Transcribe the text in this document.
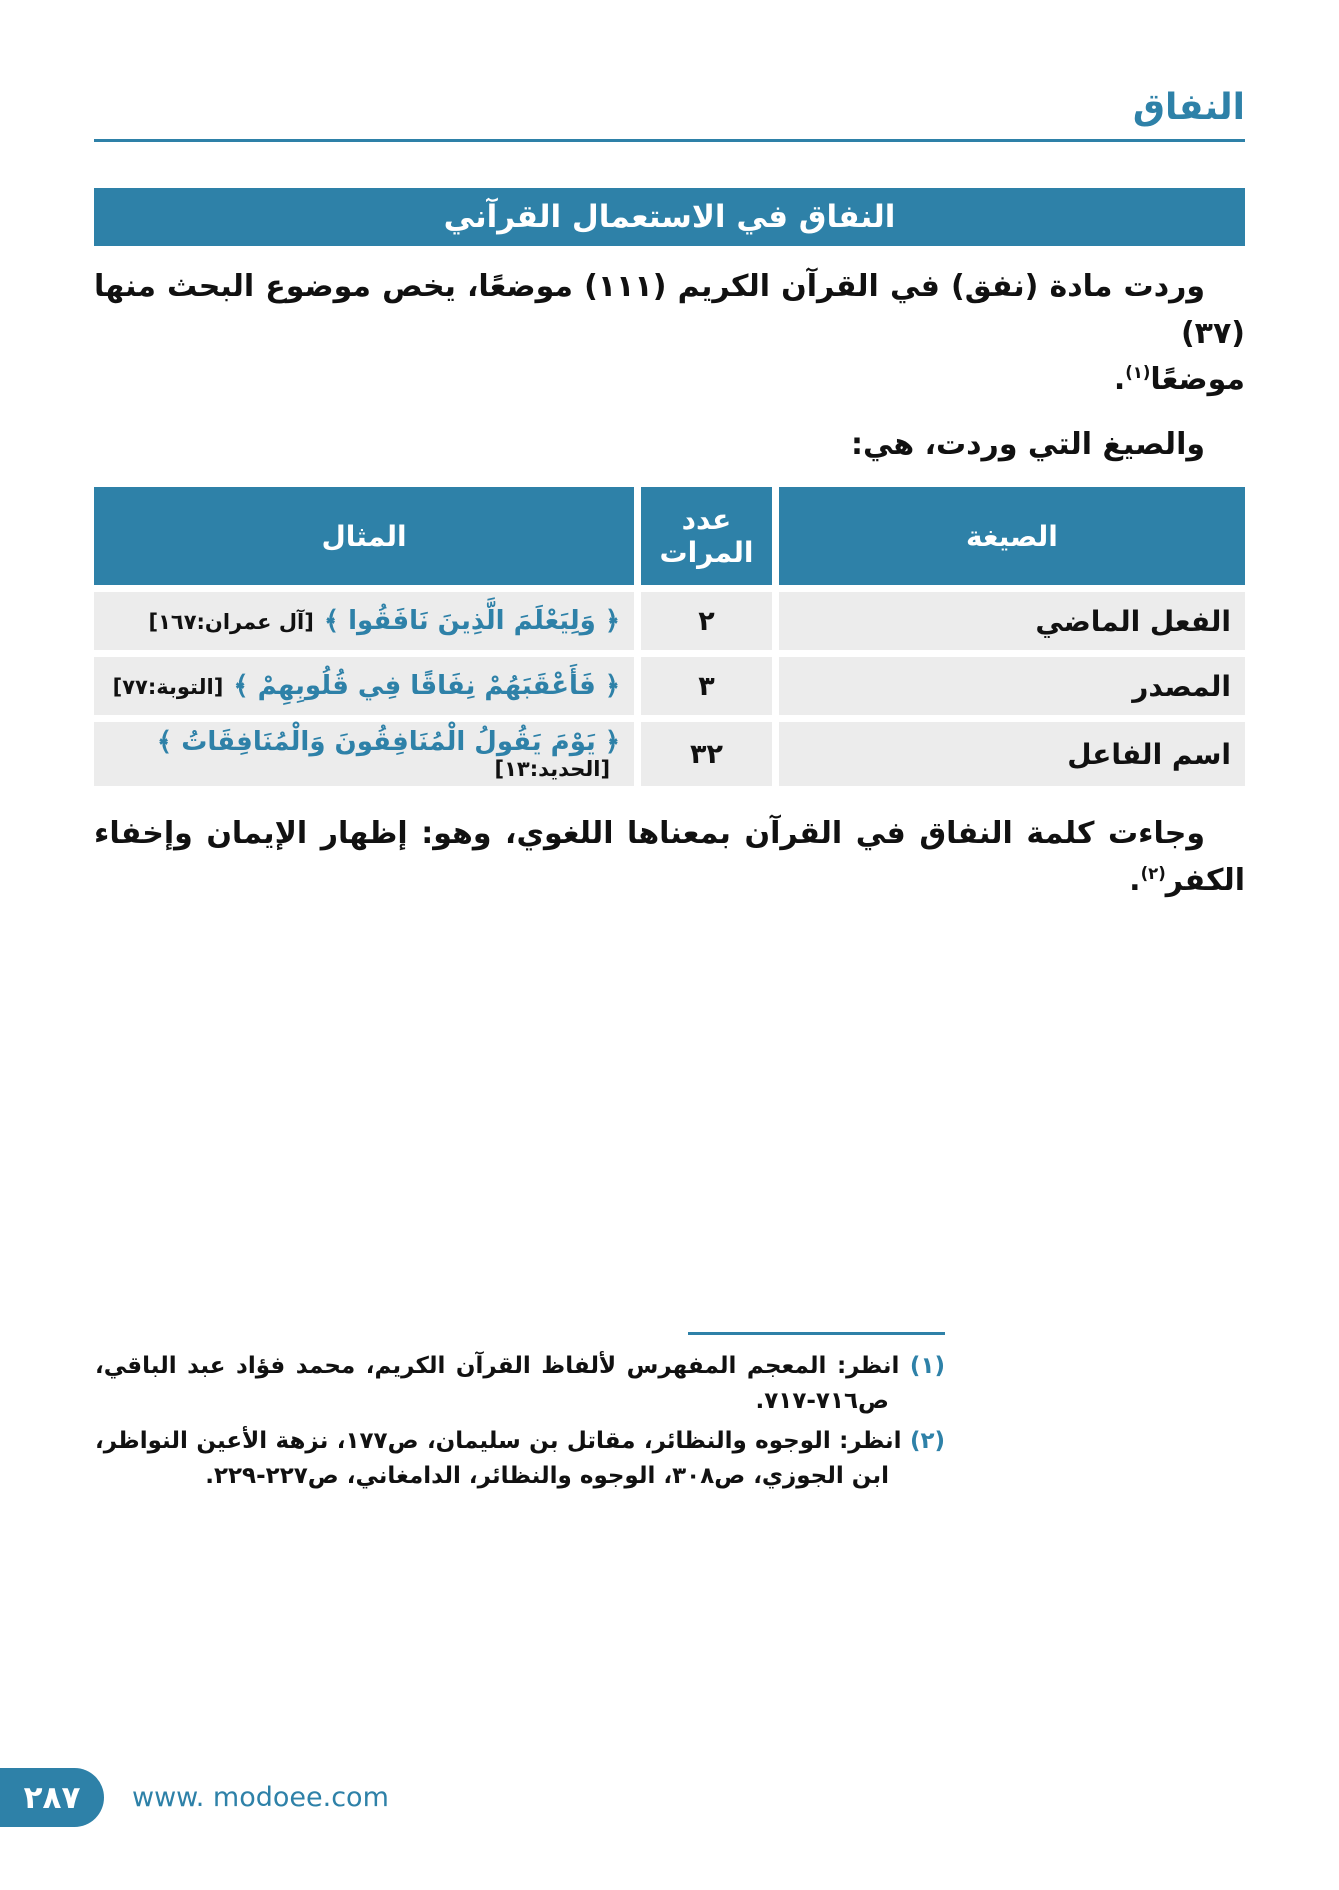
النفاق
النفاق في الاستعمال القرآني

وردت مادة (نفق) في القرآن الكريم (١١١) موضعًا، يخص موضوع البحث منها (٣٧)
موضعًا$^{(١)}$.

والصيغ التي وردت، هي:

الصيغة	عدد المرات	المثال
الفعل الماضي	٢	﴿ وَلِيَعْلَمَ الَّذِينَ نَافَقُوا ﴾[آل عمران:١٦٧]
المصدر	٣	﴿ فَأَعْقَبَهُمْ نِفَاقًا فِي قُلُوبِهِمْ ﴾[التوبة:٧٧]
اسم الفاعل	٣٢	﴿ يَوْمَ يَقُولُ الْمُنَافِقُونَ وَالْمُنَافِقَاتُ ﴾[الحديد:١٣]

وجاءت كلمة النفاق في القرآن بمعناها اللغوي، وهو: إظهار الإيمان وإخفاء الكفر$^{(٢)}$.

(١) انظر: المعجم المفهرس لألفاظ القرآن الكريم، محمد فؤاد عبد الباقي، ص٧١٦-٧١٧.

(٢) انظر: الوجوه والنظائر، مقاتل بن سليمان، ص١٧٧، نزهة الأعين النواظر، ابن الجوزي، ص٣٠٨، الوجوه والنظائر، الدامغاني، ص٢٢٧-٢٢٩.

٢٨٧ www. modoee.com
